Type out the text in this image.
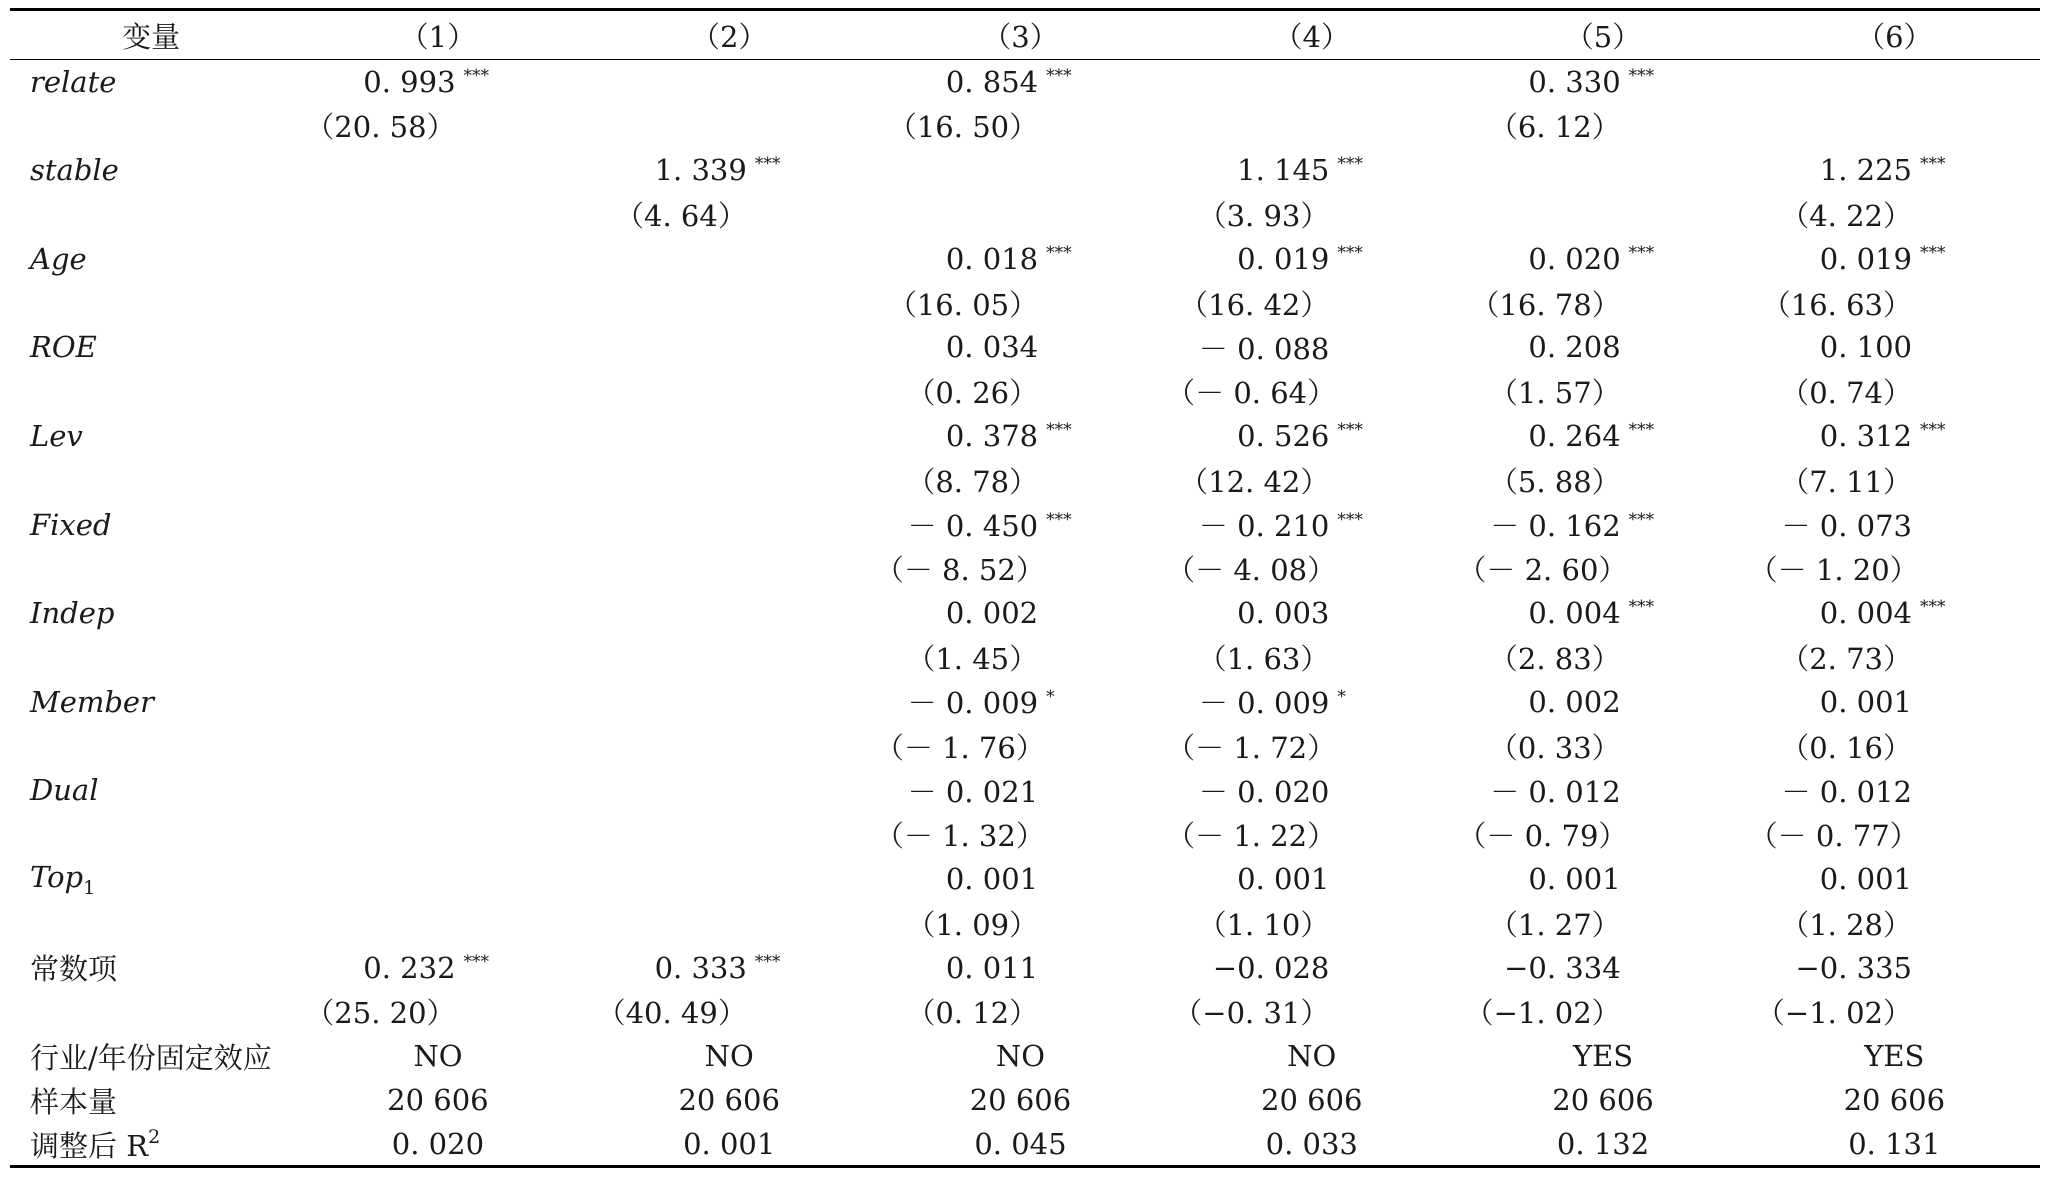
变量	（1）	（2）	（3）	（4）	（5）	（6）
relate	0. 993 ***		0. 854 ***		0. 330 ***	
	（20. 58）		（16. 50）		（6. 12）	
stable		1. 339 ***		1. 145 ***		1. 225 ***
		（4. 64）		（3. 93）		（4. 22）
Age			0. 018 ***	0. 019 ***	0. 020 ***	0. 019 ***
			（16. 05）	（16. 42）	（16. 78）	（16. 63）
ROE			0. 034	－ 0. 088	0. 208	0. 100
			（0. 26）	（－ 0. 64）	（1. 57）	（0. 74）
Lev			0. 378 ***	0. 526 ***	0. 264 ***	0. 312 ***
			（8. 78）	（12. 42）	（5. 88）	（7. 11）
Fixed			－ 0. 450 ***	－ 0. 210 ***	－ 0. 162 ***	－ 0. 073
			（－ 8. 52）	（－ 4. 08）	（－ 2. 60）	（－ 1. 20）
Indep			0. 002	0. 003	0. 004 ***	0. 004 ***
			（1. 45）	（1. 63）	（2. 83）	（2. 73）
Member			－ 0. 009 *	－ 0. 009 *	0. 002	0. 001
			（－ 1. 76）	（－ 1. 72）	（0. 33）	（0. 16）
Dual			－ 0. 021	－ 0. 020	－ 0. 012	－ 0. 012
			（－ 1. 32）	（－ 1. 22）	（－ 0. 79）	（－ 0. 77）
Top$_1$			0. 001	0. 001	0. 001	0. 001
			（1. 09）	（1. 10）	（1. 27）	（1. 28）
常数项	0. 232 ***	0. 333 ***	0. 011	−0. 028	−0. 334	−0. 335
	（25. 20）	（40. 49）	（0. 12）	（−0. 31）	（−1. 02）	（−1. 02）
行业/年份固定效应	NO	NO	NO	NO	YES	YES
样本量	20 606	20 606	20 606	20 606	20 606	20 606
调整后 $R^2$	0. 020	0. 001	0. 045	0. 033	0. 132	0. 131
